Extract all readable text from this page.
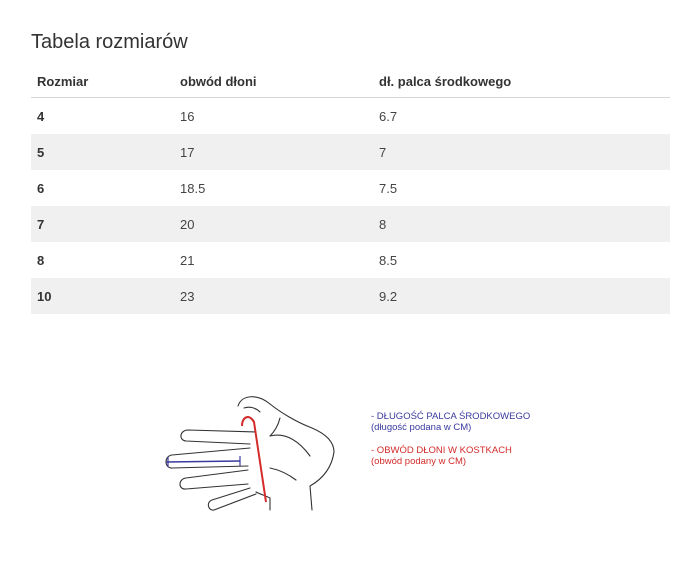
Tabela rozmiarów
Rozmiar	obwód dłoni	dł. palca środkowego
4	16	6.7
5	17	7
6	18.5	7.5
7	20	8
8	21	8.5
10	23	9.2
- DŁUGOŚĆ PALCA ŚRODKOWEGO
(długość podana w CM)
- OBWÓD DŁONI W KOSTKACH
(obwód podany w CM)
